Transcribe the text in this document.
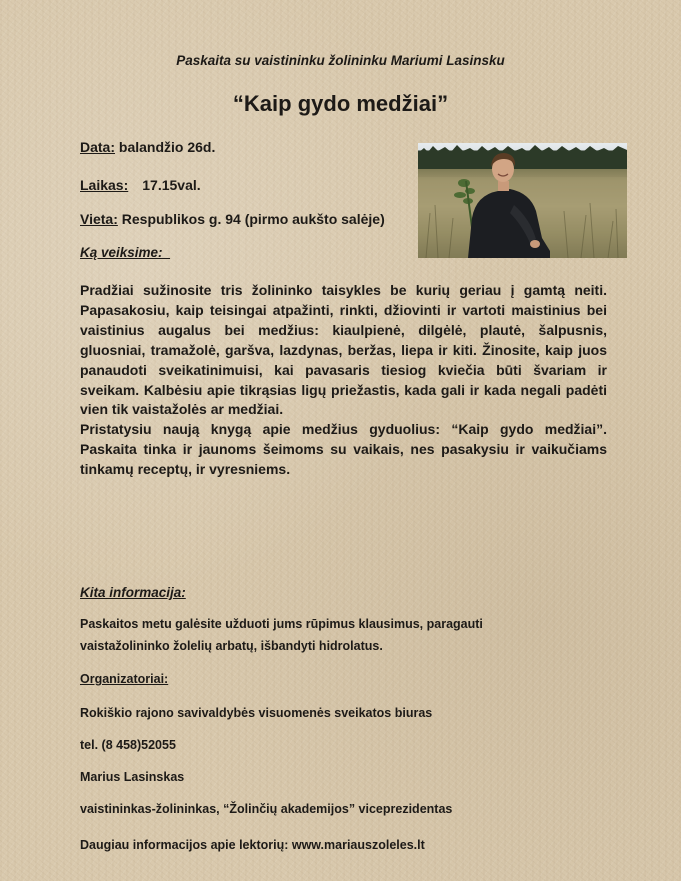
Paskaita su vaistininku žolininku Mariumi Lasinsku

“Kaip gydo medžiai”

Data: balandžio 26d.
Laikas: 17.15val.
Vieta: Respublikos g. 94 (pirmo aukšto salėje)

Ką veiksime:

Pradžiai sužinosite tris žolininko taisykles be kurių geriau į gamtą neiti. Papasakosiu, kaip teisingai atpažinti, rinkti, džiovinti ir vartoti maistinius bei vaistinius augalus bei medžius: kiaulpienė, dilgėlė, plautė, šalpusnis, gluosniai, tramažolė, garšva, lazdynas, beržas, liepa ir kiti. Žinosite, kaip juos panaudoti sveikatinimuisi, kai pavasaris tiesiog kviečia būti švariam ir sveikam. Kalbėsiu apie tikrąsias ligų priežastis, kada gali ir kada negali padėti vien tik vaistažolės ar medžiai.
Pristatysiu naują knygą apie medžius gyduolius: “Kaip gydo medžiai”. Paskaita tinka ir jaunoms šeimoms su vaikais, nes pasakysiu ir vaikučiams tinkamų receptų, ir vyresniems.

Kita informacija:

Paskaitos metu galėsite užduoti jums rūpimus klausimus, paragauti

vaistažolininko žolelių arbatų, išbandyti hidrolatus.

Organizatoriai:

Rokiškio rajono savivaldybės visuomenės sveikatos biuras

tel. (8 458)52055

Marius Lasinskas

vaistininkas-žolininkas, “Žolinčių akademijos” viceprezidentas

Daugiau informacijos apie lektorių: www.mariauszoleles.lt
